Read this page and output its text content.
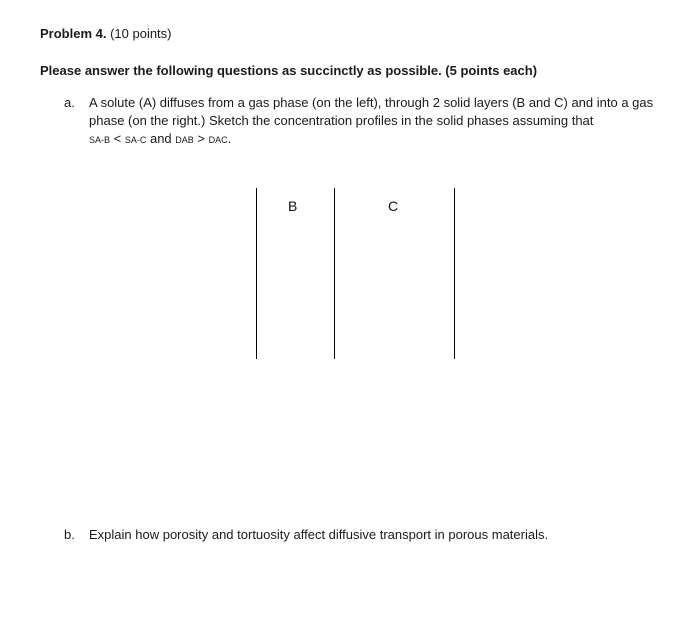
Problem 4. (10 points)
Please answer the following questions as succinctly as possible. (5 points each)
a. A solute (A) diffuses from a gas phase (on the left), through 2 solid layers (B and C) and into a gas
phase (on the right.) Sketch the concentration profiles in the solid phases assuming that
SA-B < SA-C and DAB > DAC.
B	C
b. Explain how porosity and tortuosity affect diffusive transport in porous materials.
